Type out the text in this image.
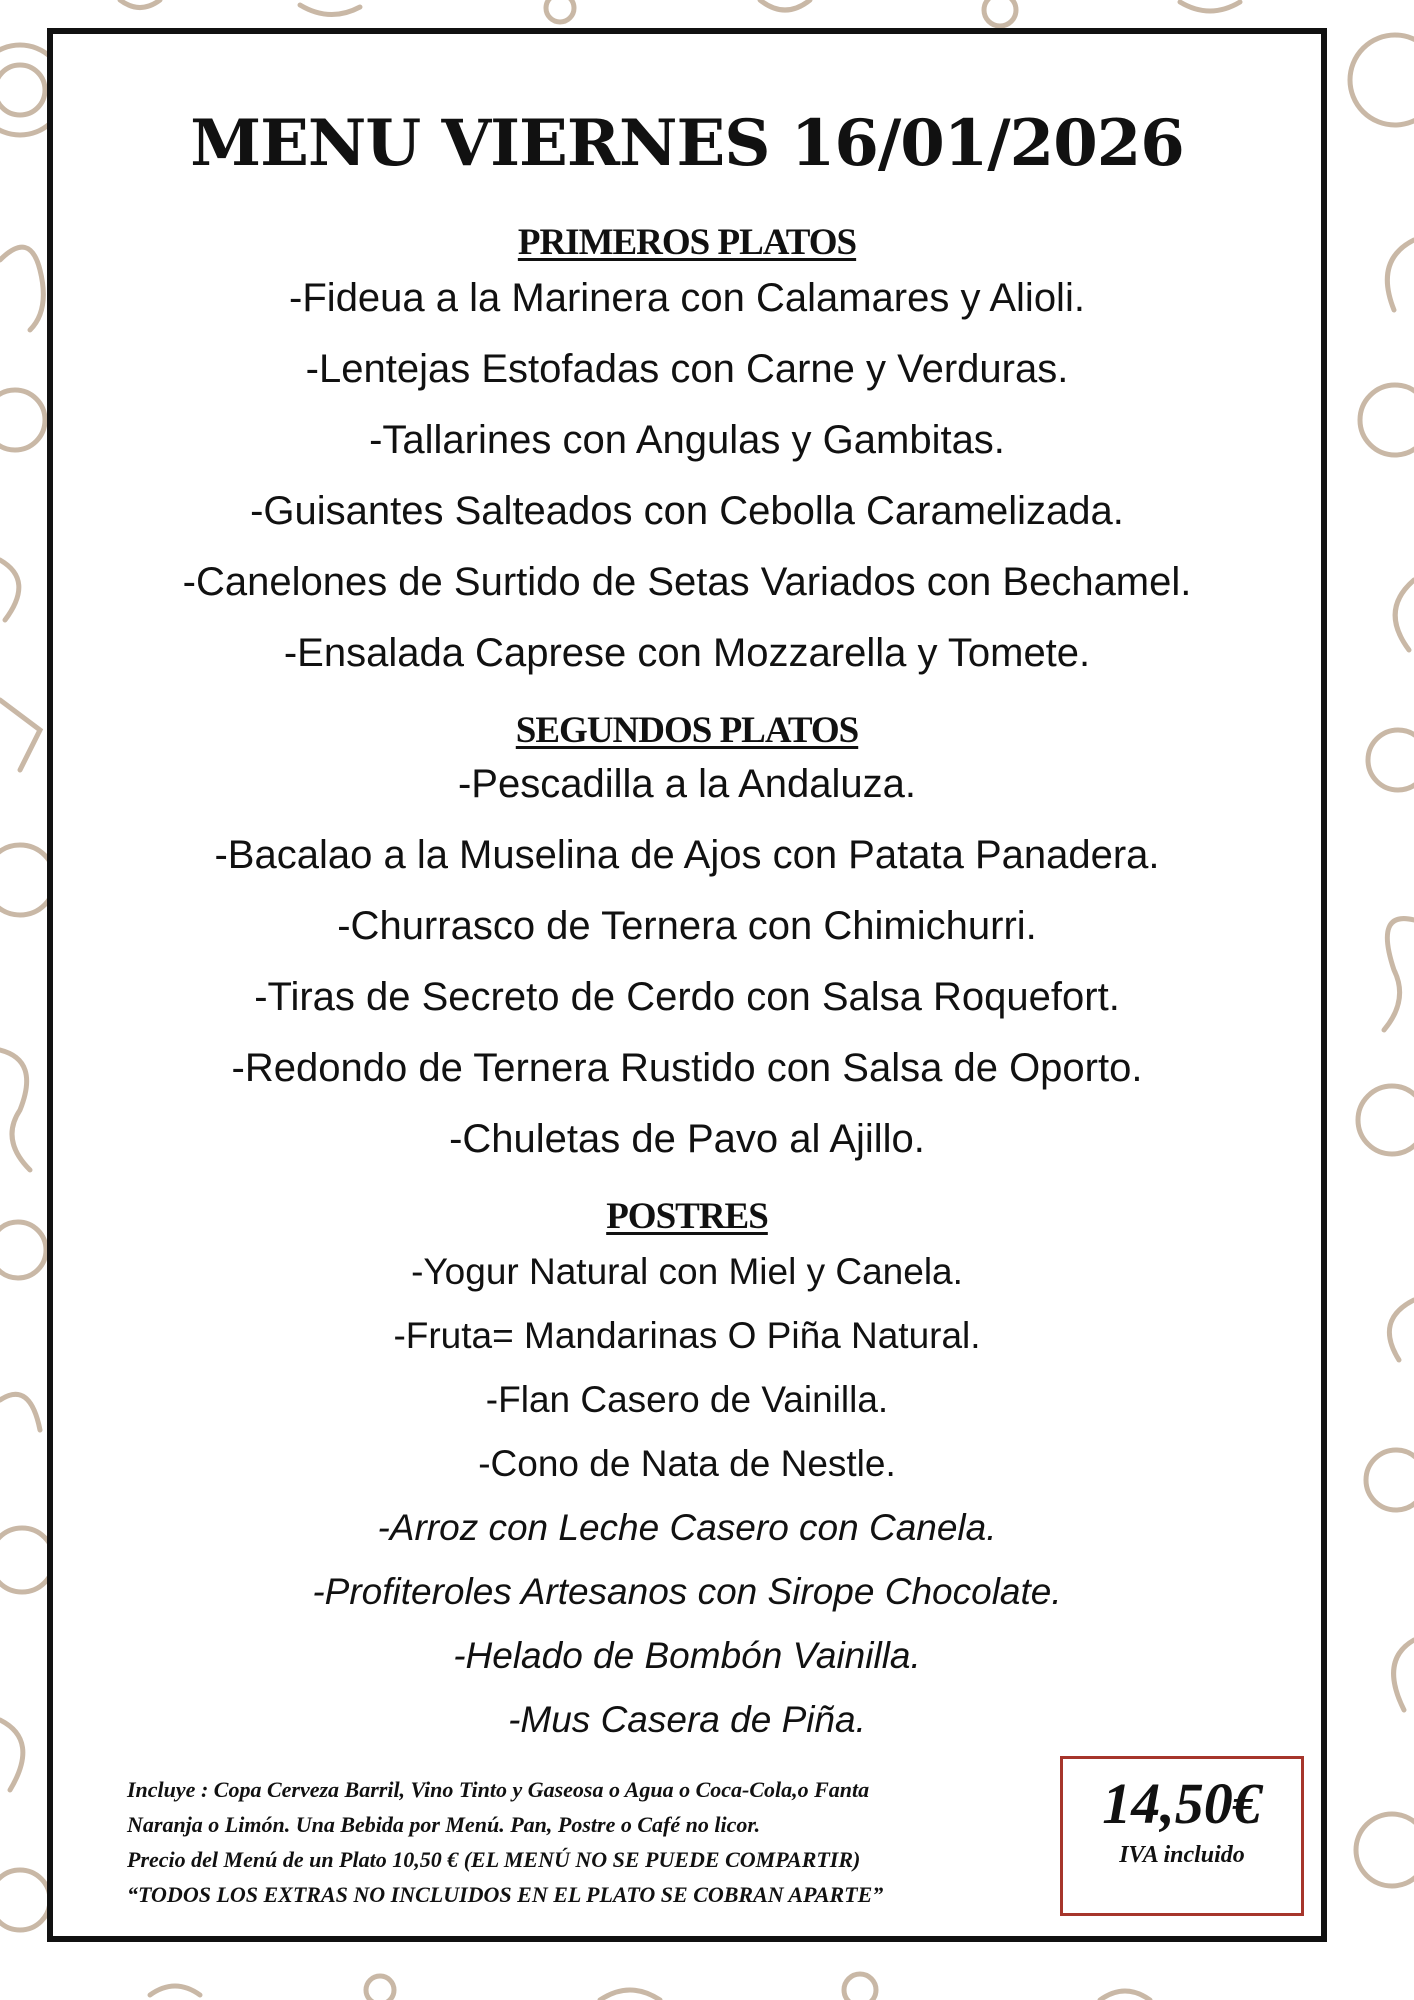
MENU VIERNES 16/01/2026
PRIMEROS PLATOS
-Fideua a la Marinera con Calamares y Alioli.
-Lentejas Estofadas con Carne y Verduras.
-Tallarines con Angulas y Gambitas.
-Guisantes Salteados con Cebolla Caramelizada.
-Canelones de Surtido de Setas Variados con Bechamel.
-Ensalada Caprese con Mozzarella y Tomete.
SEGUNDOS PLATOS
-Pescadilla a la Andaluza.
-Bacalao a la Muselina de Ajos con Patata Panadera.
-Churrasco de Ternera con Chimichurri.
-Tiras de Secreto de Cerdo con Salsa Roquefort.
-Redondo de Ternera Rustido con Salsa de Oporto.
-Chuletas de Pavo al Ajillo.
POSTRES
-Yogur Natural con Miel y Canela.
-Fruta= Mandarinas O Piña Natural.
-Flan Casero de Vainilla.
-Cono de Nata de Nestle.
-Arroz con Leche Casero con Canela.
-Profiteroles Artesanos con Sirope Chocolate.
-Helado de Bombón Vainilla.
-Mus Casera de Piña.
Incluye : Copa Cerveza Barril, Vino Tinto y Gaseosa o Agua o Coca-Cola,o Fanta
Naranja o Limón. Una Bebida por Menú. Pan, Postre o Café no licor.
Precio del Menú de un Plato 10,50 € (EL MENÚ NO SE PUEDE COMPARTIR)
“TODOS LOS EXTRAS NO INCLUIDOS EN EL PLATO SE COBRAN APARTE”
14,50€
IVA incluido
